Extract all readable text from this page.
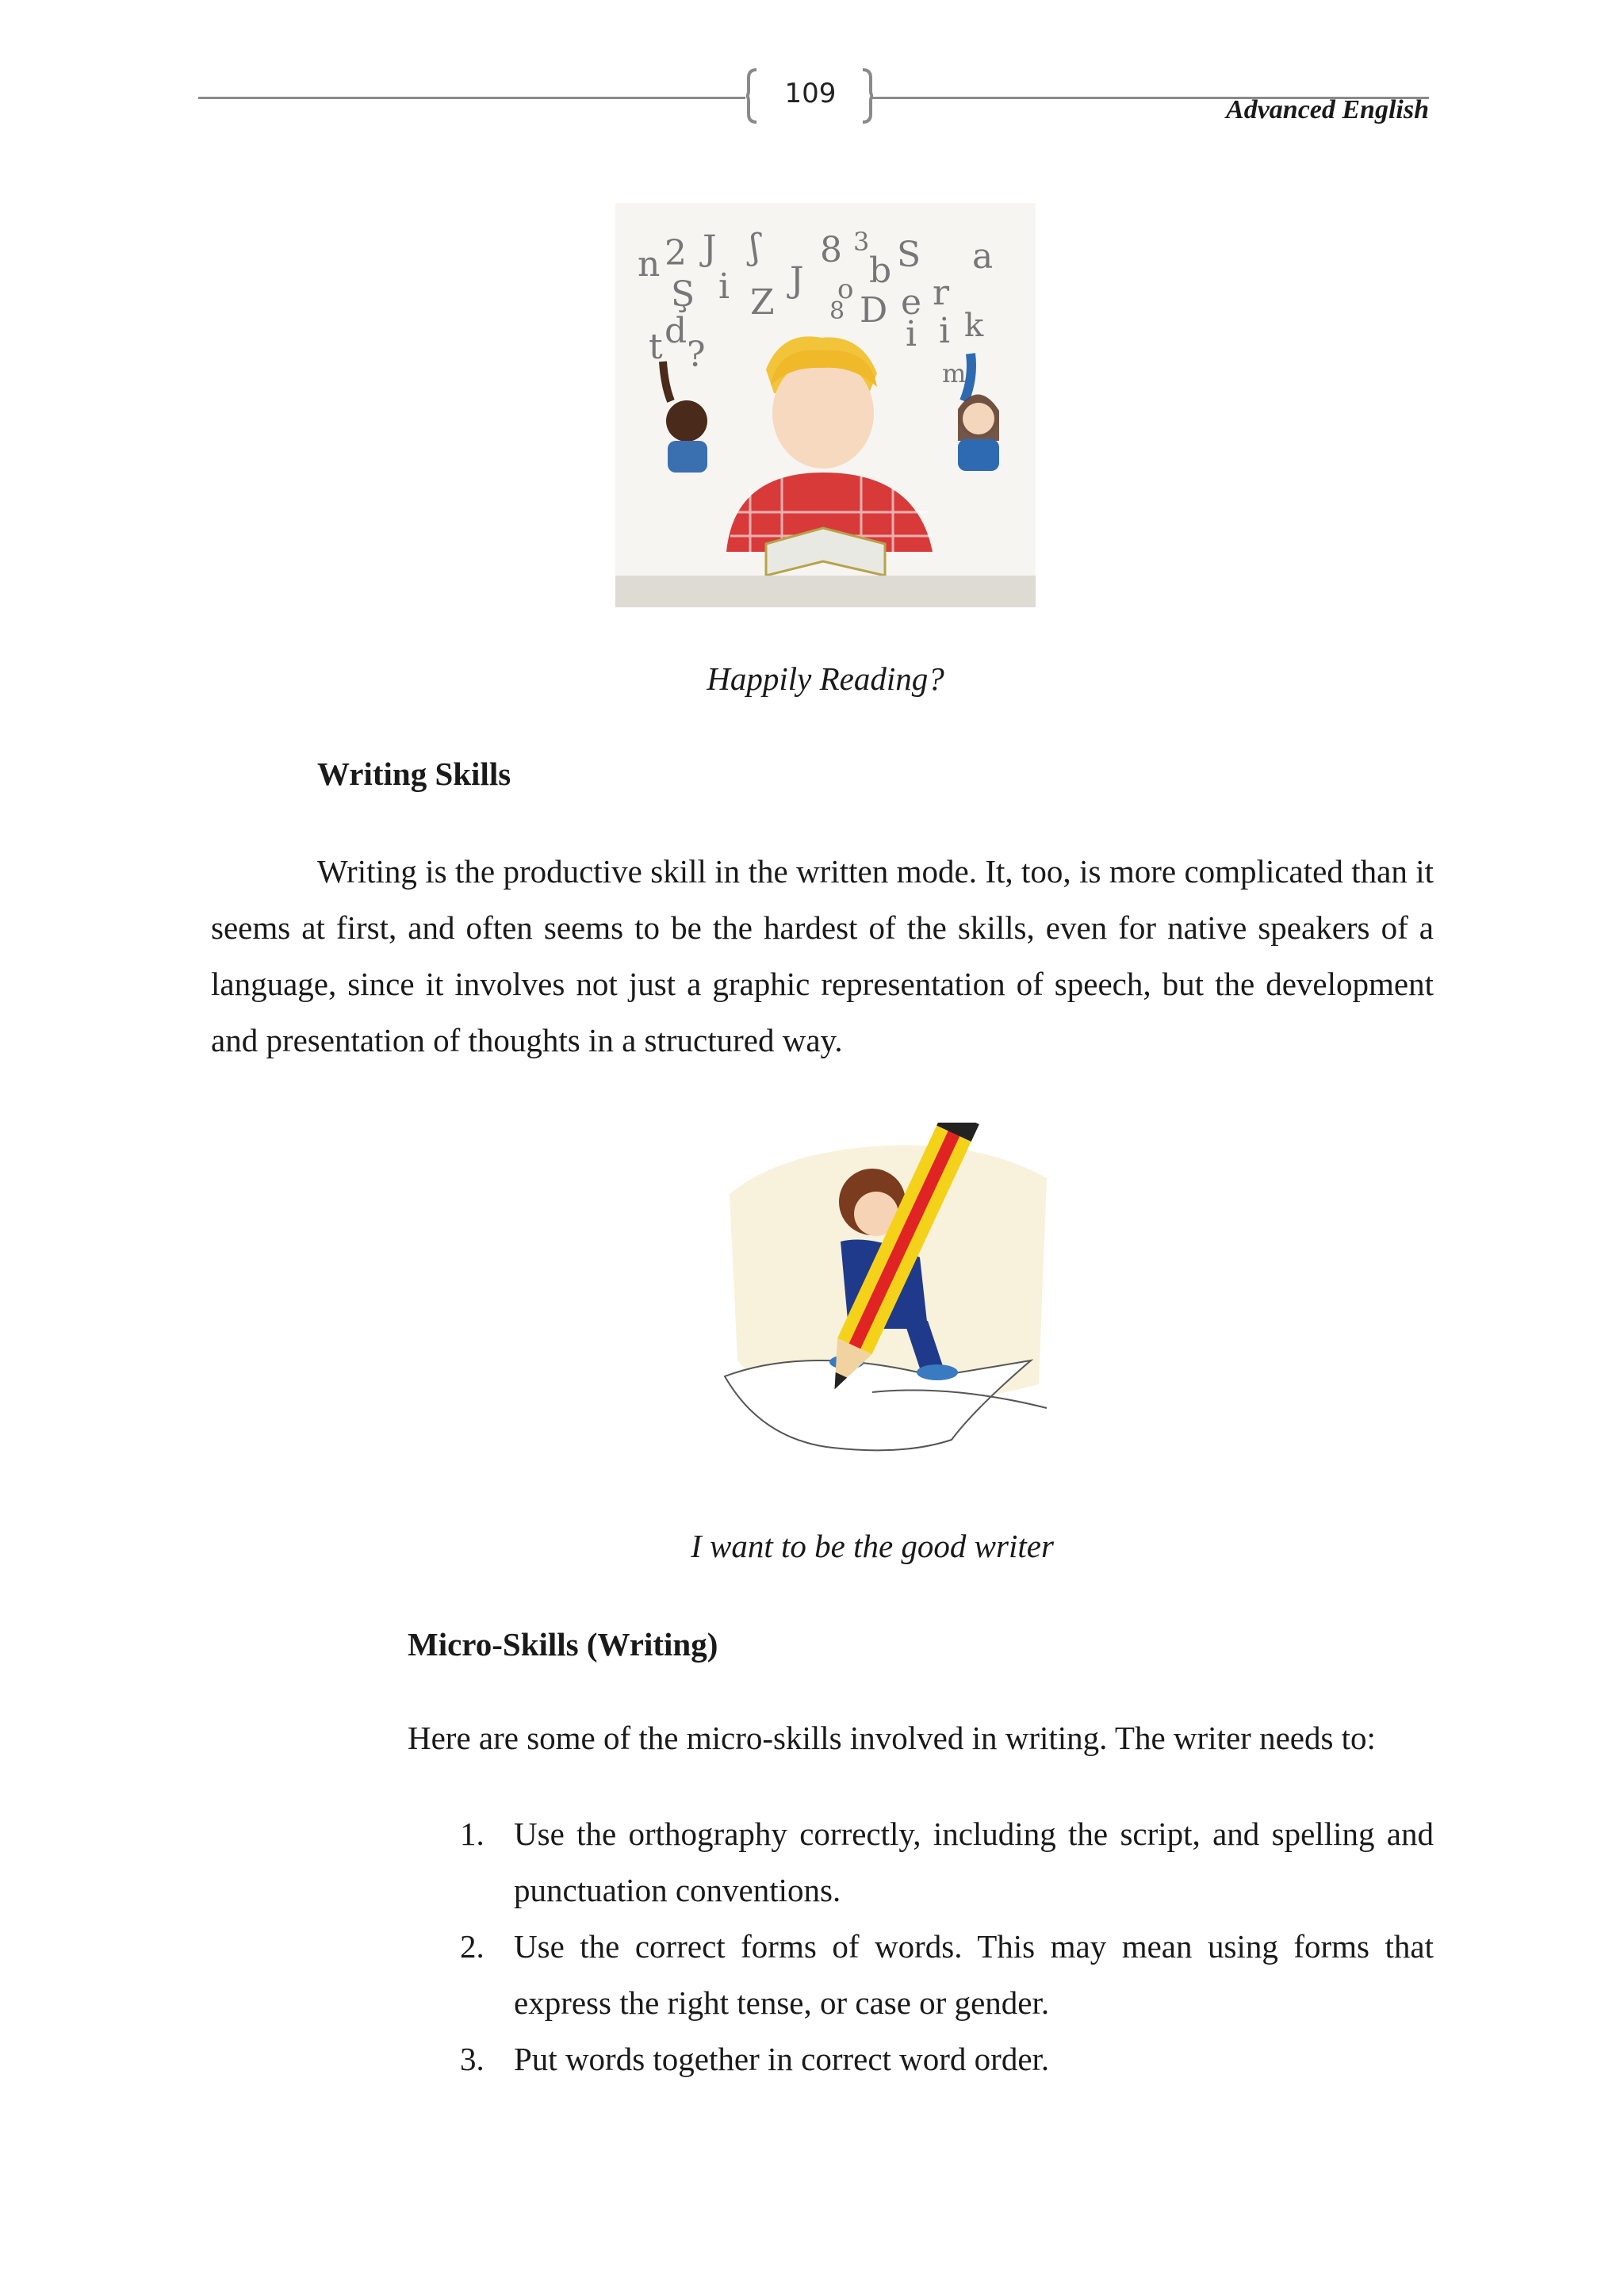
109
Advanced English
n 2 J ʃ 8 3 S a
Ş i Z
J o b
8 D e r
k
d
t ?
i i
m
Happily Reading?
Writing Skills

Writing is the productive skill in the written mode. It, too, is more complicated than it seems at first, and often seems to be the hardest of the skills, even for native speakers of a language, since it involves not just a graphic representation of speech, but the development and presentation of thoughts in a structured way.

I want to be the good writer
Micro-Skills (Writing)
Here are some of the micro-skills involved in writing. The writer needs to:
1. Use the orthography correctly, including the script, and spelling and punctuation conventions.
2. Use the correct forms of words. This may mean using forms that express the right tense, or case or gender.
3. Put words together in correct word order.
